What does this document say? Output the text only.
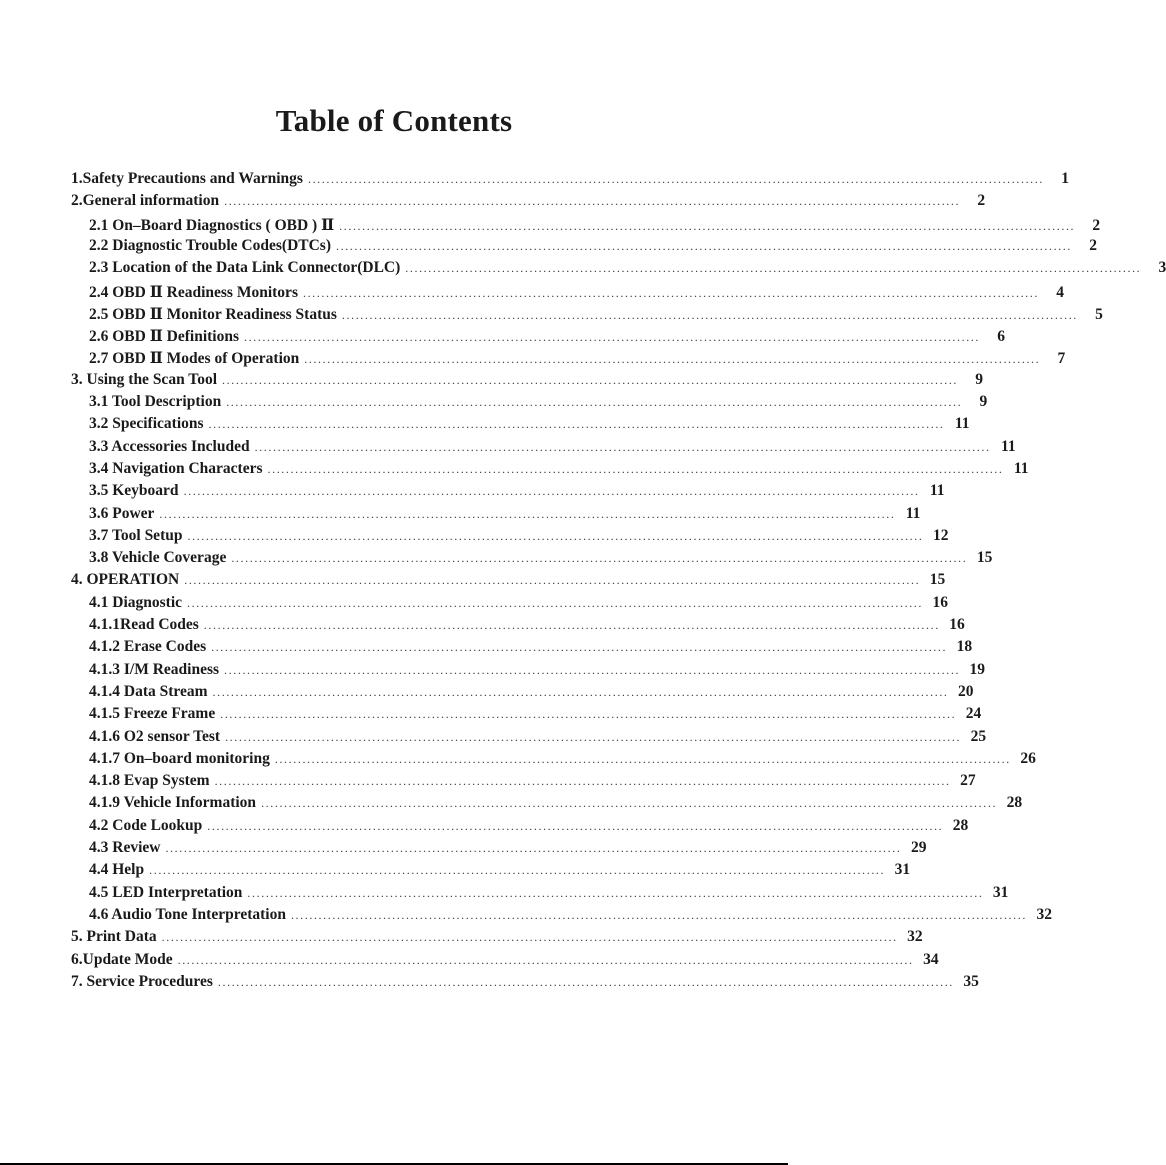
Table of Contents
1.Safety Precautions and Warnings ................................................................................................................................................................	1
2.General information ................................................................................................................................................................	2
2.1 On–Board Diagnostics ( OBD ) Ⅱ ................................................................................................................................................................	2
2.2 Diagnostic Trouble Codes(DTCs) ................................................................................................................................................................	2
2.3 Location of the Data Link Connector(DLC) ................................................................................................................................................................	3
2.4 OBD Ⅱ Readiness Monitors ................................................................................................................................................................	4
2.5 OBD Ⅱ Monitor Readiness Status ................................................................................................................................................................	5
2.6 OBD Ⅱ Definitions ................................................................................................................................................................	6
2.7 OBD Ⅱ Modes of Operation ................................................................................................................................................................	7
3. Using the Scan Tool ................................................................................................................................................................	9
3.1 Tool Description ................................................................................................................................................................	9
3.2 Specifications ................................................................................................................................................................ 11
3.3 Accessories Included ................................................................................................................................................................ 11
3.4 Navigation Characters ................................................................................................................................................................ 11
3.5 Keyboard ................................................................................................................................................................ 11
3.6 Power ................................................................................................................................................................ 11
3.7 Tool Setup ................................................................................................................................................................ 12
3.8 Vehicle Coverage ................................................................................................................................................................ 15
4. OPERATION ................................................................................................................................................................ 15
4.1 Diagnostic ................................................................................................................................................................ 16
4.1.1Read Codes ................................................................................................................................................................ 16
4.1.2 Erase Codes ................................................................................................................................................................ 18
4.1.3 I/M Readiness ................................................................................................................................................................ 19
4.1.4 Data Stream ................................................................................................................................................................ 20
4.1.5 Freeze Frame ................................................................................................................................................................ 24
4.1.6 O2 sensor Test ................................................................................................................................................................ 25
4.1.7 On–board monitoring ................................................................................................................................................................ 26
4.1.8 Evap System ................................................................................................................................................................ 27
4.1.9 Vehicle Information ................................................................................................................................................................ 28
4.2 Code Lookup ................................................................................................................................................................ 28
4.3 Review ................................................................................................................................................................ 29
4.4 Help ................................................................................................................................................................ 31
4.5 LED Interpretation ................................................................................................................................................................ 31
4.6 Audio Tone Interpretation ................................................................................................................................................................ 32
5. Print Data ................................................................................................................................................................ 32
6.Update Mode ................................................................................................................................................................ 34
7. Service Procedures ................................................................................................................................................................ 35
